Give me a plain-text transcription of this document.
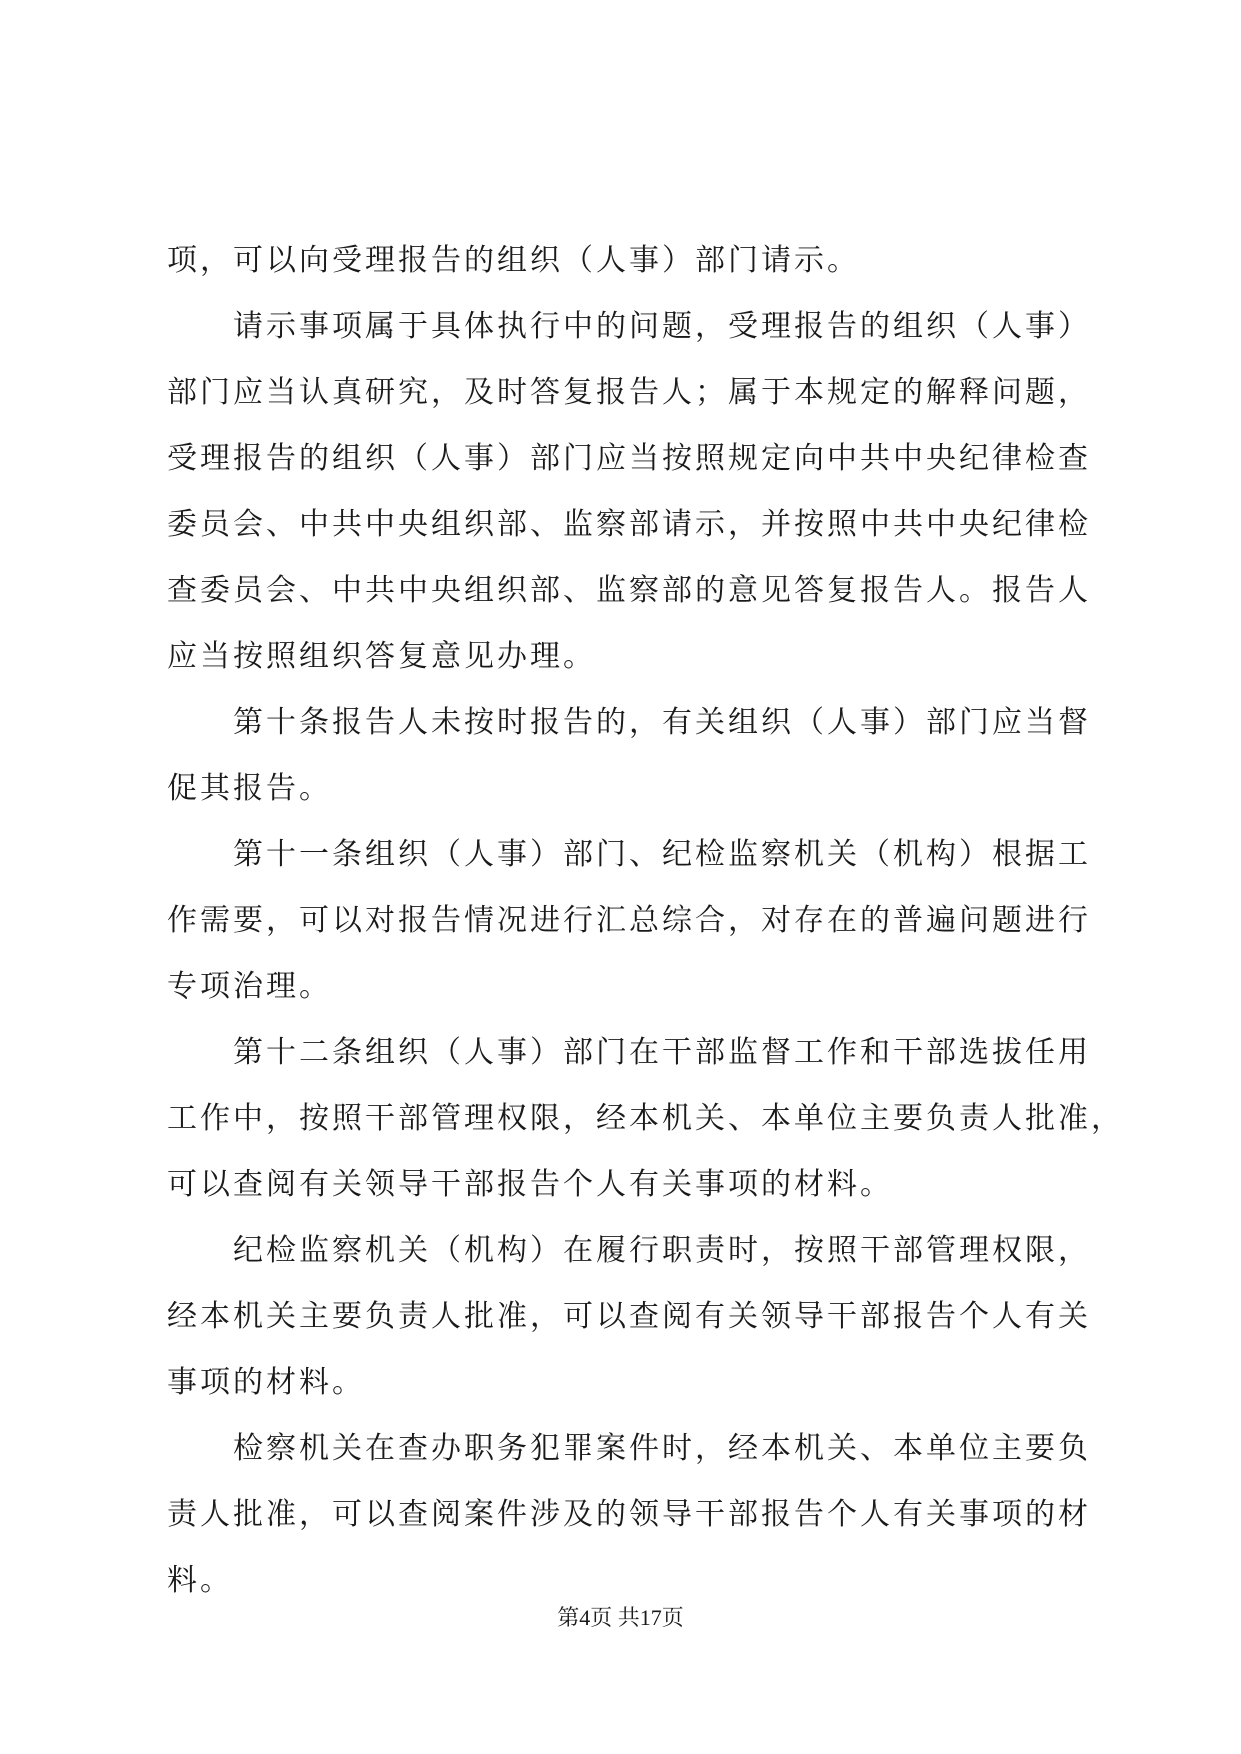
项，可以向受理报告的组织（人事）部门请示。

　　请示事项属于具体执行中的问题，受理报告的组织（人事）

部门应当认真研究，及时答复报告人；属于本规定的解释问题，

受理报告的组织（人事）部门应当按照规定向中共中央纪律检查

委员会、中共中央组织部、监察部请示，并按照中共中央纪律检

查委员会、中共中央组织部、监察部的意见答复报告人。报告人

应当按照组织答复意见办理。

　　第十条报告人未按时报告的，有关组织（人事）部门应当督

促其报告。

　　第十一条组织（人事）部门、纪检监察机关（机构）根据工

作需要，可以对报告情况进行汇总综合，对存在的普遍问题进行

专项治理。

　　第十二条组织（人事）部门在干部监督工作和干部选拔任用

工作中，按照干部管理权限，经本机关、本单位主要负责人批准，

可以查阅有关领导干部报告个人有关事项的材料。

　　纪检监察机关（机构）在履行职责时，按照干部管理权限，

经本机关主要负责人批准，可以查阅有关领导干部报告个人有关

事项的材料。

　　检察机关在查办职务犯罪案件时，经本机关、本单位主要负

责人批准，可以查阅案件涉及的领导干部报告个人有关事项的材

料。

第4页 共17页
